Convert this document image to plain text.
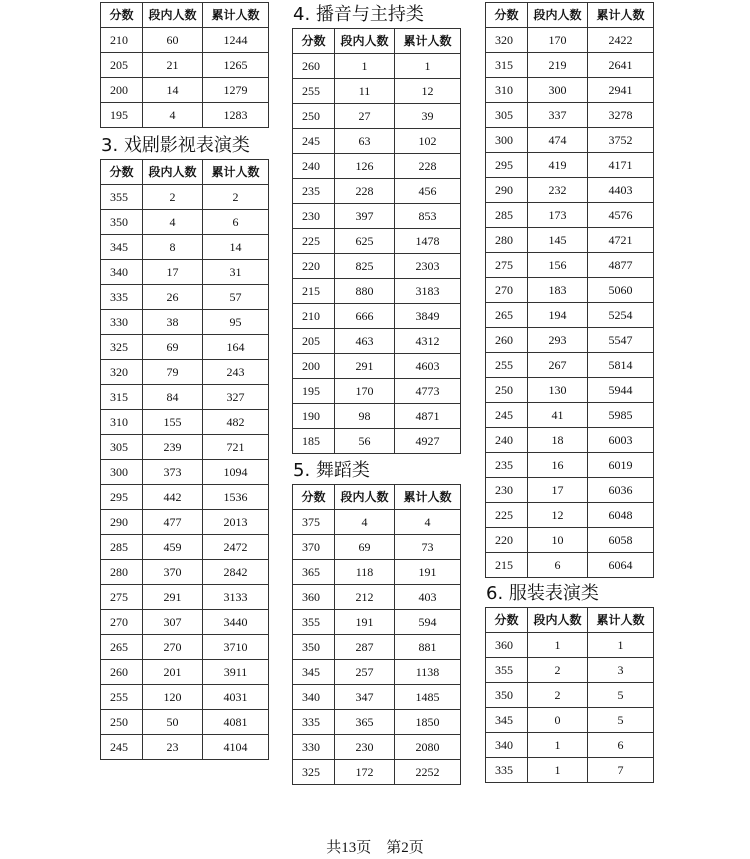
分数	段内人数	累计人数
210	60	1244
205	21	1265
200	14	1279
195	4	1283
3. 戏剧影视表演类
分数	段内人数	累计人数
355	2	2
350	4	6
345	8	14
340	17	31
335	26	57
330	38	95
325	69	164
320	79	243
315	84	327
310	155	482
305	239	721
300	373	1094
295	442	1536
290	477	2013
285	459	2472
280	370	2842
275	291	3133
270	307	3440
265	270	3710
260	201	3911
255	120	4031
250	50	4081
245	23	4104
4. 播音与主持类
分数	段内人数	累计人数
260	1	1
255	11	12
250	27	39
245	63	102
240	126	228
235	228	456
230	397	853
225	625	1478
220	825	2303
215	880	3183
210	666	3849
205	463	4312
200	291	4603
195	170	4773
190	98	4871
185	56	4927
5. 舞蹈类
分数	段内人数	累计人数
375	4	4
370	69	73
365	118	191
360	212	403
355	191	594
350	287	881
345	257	1138
340	347	1485
335	365	1850
330	230	2080
325	172	2252
分数	段内人数	累计人数
320	170	2422
315	219	2641
310	300	2941
305	337	3278
300	474	3752
295	419	4171
290	232	4403
285	173	4576
280	145	4721
275	156	4877
270	183	5060
265	194	5254
260	293	5547
255	267	5814
250	130	5944
245	41	5985
240	18	6003
235	16	6019
230	17	6036
225	12	6048
220	10	6058
215	6	6064
6. 服装表演类
分数	段内人数	累计人数
360	1	1
355	2	3
350	2	5
345	0	5
340	1	6
335	1	7
共13页　第2页
